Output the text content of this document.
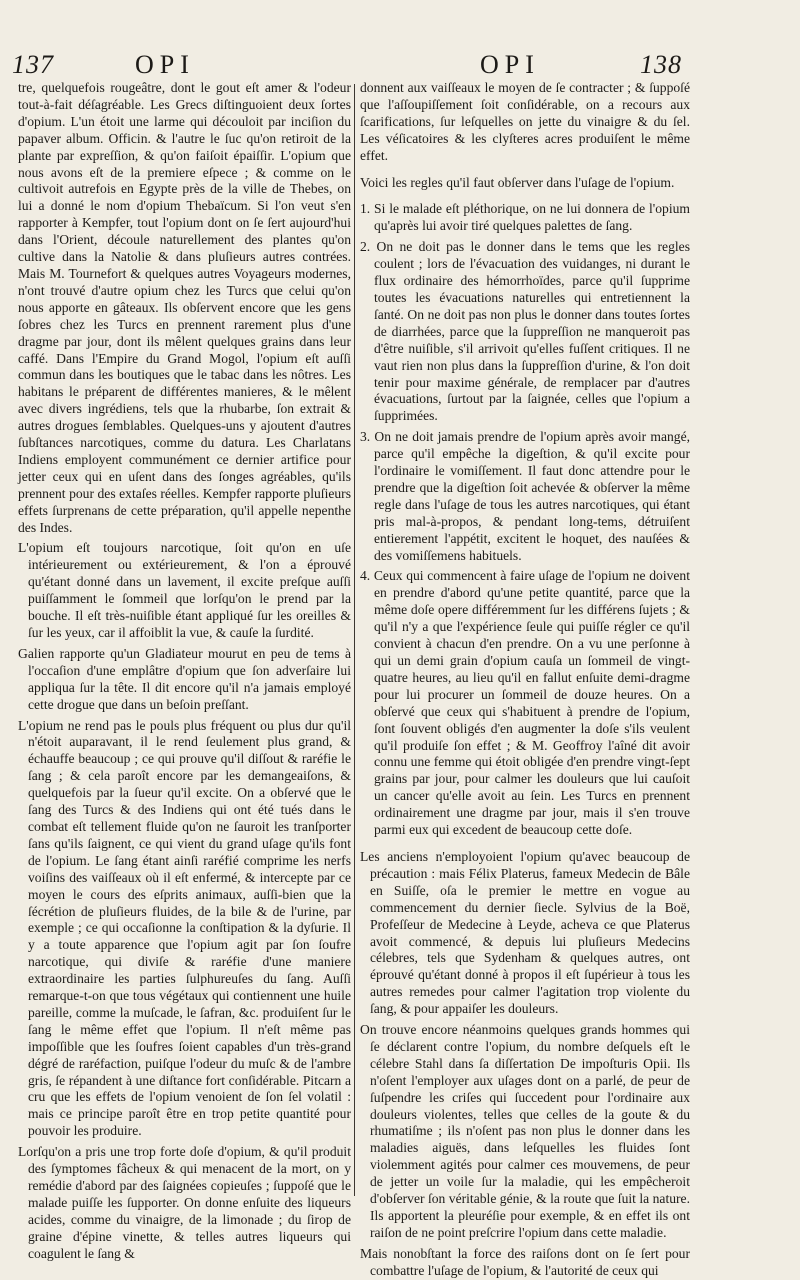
137	OPI	OPI	138

tre, quelquefois rougeâtre, dont le gout eſt amer & l'odeur tout-à-fait déſagréable. Les Grecs diſtinguoient deux ſortes d'opium. L'un étoit une larme qui découloit par inciſion du papaver album. Officin. & l'autre le ſuc qu'on retiroit de la plante par expreſſion, & qu'on faiſoit épaiſſir. L'opium que nous avons eſt de la premiere eſpece ; & comme on le cultivoit autrefois en Egypte près de la ville de Thebes, on lui a donné le nom d'opium Thebaïcum. Si l'on veut s'en rapporter à Kempfer, tout l'opium dont on ſe ſert aujourd'hui dans l'Orient, découle naturellement des plantes qu'on cultive dans la Natolie & dans pluſieurs autres contrées. Mais M. Tournefort & quelques autres Voyageurs modernes, n'ont trouvé d'autre opium chez les Turcs que celui qu'on nous apporte en gâteaux. Ils obſervent encore que les gens ſobres chez les Turcs en prennent rarement plus d'une dragme par jour, dont ils mêlent quelques grains dans leur caffé. Dans l'Empire du Grand Mogol, l'opium eſt auſſi commun dans les boutiques que le tabac dans les nôtres. Les habitans le préparent de différentes manieres, & le mêlent avec divers ingrédiens, tels que la rhubarbe, ſon extrait & autres drogues ſemblables. Quelques-uns y ajoutent d'autres ſubſtances narcotiques, comme du datura. Les Charlatans Indiens employent communément ce dernier artifice pour jetter ceux qui en uſent dans des ſonges agréables, qu'ils prennent pour des extaſes réelles. Kempfer rapporte pluſieurs effets ſurprenans de cette préparation, qu'il appelle nepenthe des Indes.

L'opium eſt toujours narcotique, ſoit qu'on en uſe intérieurement ou extérieurement, & l'on a éprouvé qu'étant donné dans un lavement, il excite preſque auſſi puiſſamment le ſommeil que lorſqu'on le prend par la bouche. Il eſt très-nuiſible étant appliqué ſur les oreilles & ſur les yeux, car il affoiblit la vue, & cauſe la ſurdité.

Galien rapporte qu'un Gladiateur mourut en peu de tems à l'occaſion d'une emplâtre d'opium que ſon adverſaire lui appliqua ſur la tête. Il dit encore qu'il n'a jamais employé cette drogue que dans un beſoin preſſant.

L'opium ne rend pas le pouls plus fréquent ou plus dur qu'il n'étoit auparavant, il le rend ſeulement plus grand, & échauffe beaucoup ; ce qui prouve qu'il diſſout & raréfie le ſang ; & cela paroît encore par les demangeaiſons, & quelquefois par la ſueur qu'il excite. On a obſervé que le ſang des Turcs & des Indiens qui ont été tués dans le combat eſt tellement fluide qu'on ne ſauroit les tranſporter ſans qu'ils ſaignent, ce qui vient du grand uſage qu'ils font de l'opium. Le ſang étant ainſi raréfié comprime les nerfs voiſins des vaiſſeaux où il eſt enfermé, & intercepte par ce moyen le cours des eſprits animaux, auſſi-bien que la ſécrétion de pluſieurs fluides, de la bile & de l'urine, par exemple ; ce qui occaſionne la conſtipation & la dyſurie. Il y a toute apparence que l'opium agit par ſon ſoufre narcotique, qui diviſe & raréfie d'une maniere extraordinaire les parties ſulphureuſes du ſang. Auſſi remarque-t-on que tous végétaux qui contiennent une huile pareille, comme la muſcade, le ſafran, &c. produiſent ſur le ſang le même effet que l'opium. Il n'eſt même pas impoſſible que les ſoufres ſoient capables d'un très-grand dégré de raréfaction, puiſque l'odeur du muſc & de l'ambre gris, ſe répandent à une diſtance fort conſidérable. Pitcarn a cru que les effets de l'opium venoient de ſon ſel volatil : mais ce principe paroît être en trop petite quantité pour pouvoir les produire.

Lorſqu'on a pris une trop forte doſe d'opium, & qu'il produit des ſymptomes fâcheux & qui menacent de la mort, on y remédie d'abord par des ſaignées copieuſes ; ſuppoſé que le malade puiſſe les ſupporter. On donne enſuite des liqueurs acides, comme du vinaigre, de la limonade ; du ſirop de graine d'épine vinette, & telles autres liqueurs qui coagulent le ſang &

donnent aux vaiſſeaux le moyen de ſe contracter ; & ſuppoſé que l'aſſoupiſſement ſoit conſidérable, on a recours aux ſcarifications, ſur leſquelles on jette du vinaigre & du ſel. Les véſicatoires & les clyſteres acres produiſent le même effet.

Voici les regles qu'il faut obſerver dans l'uſage de l'opium.

1. Si le malade eſt pléthorique, on ne lui donnera de l'opium qu'après lui avoir tiré quelques palettes de ſang.

2. On ne doit pas le donner dans le tems que les regles coulent ; lors de l'évacuation des vuidanges, ni durant le flux ordinaire des hémorrhoïdes, parce qu'il ſupprime toutes les évacuations naturelles qui entretiennent la ſanté. On ne doit pas non plus le donner dans toutes ſortes de diarrhées, parce que la ſuppreſſion ne manqueroit pas d'être nuiſible, s'il arrivoit qu'elles fuſſent critiques. Il ne vaut rien non plus dans la ſuppreſſion d'urine, & l'on doit tenir pour maxime générale, de remplacer par d'autres évacuations, ſurtout par la ſaignée, celles que l'opium a ſupprimées.

3. On ne doit jamais prendre de l'opium après avoir mangé, parce qu'il empêche la digeſtion, & qu'il excite pour l'ordinaire le vomiſſement. Il faut donc attendre pour le prendre que la digeſtion ſoit achevée & obſerver la même regle dans l'uſage de tous les autres narcotiques, qui étant pris mal-à-propos, & pendant long-tems, détruiſent entierement l'appétit, excitent le hoquet, des nauſées & des vomiſſemens habituels.

4. Ceux qui commencent à faire uſage de l'opium ne doivent en prendre d'abord qu'une petite quantité, parce que la même doſe opere différemment ſur les différens ſujets ; & qu'il n'y a que l'expérience ſeule qui puiſſe régler ce qu'il convient à chacun d'en prendre. On a vu une perſonne à qui un demi grain d'opium cauſa un ſommeil de vingt-quatre heures, au lieu qu'il en fallut enſuite demi-dragme pour lui procurer un ſommeil de douze heures. On a obſervé que ceux qui s'habituent à prendre de l'opium, ſont ſouvent obligés d'en augmenter la doſe s'ils veulent qu'il produiſe ſon effet ; & M. Geoffroy l'aîné dit avoir connu une femme qui étoit obligée d'en prendre vingt-ſept grains par jour, pour calmer les douleurs que lui cauſoit un cancer qu'elle avoit au ſein. Les Turcs en prennent ordinairement une dragme par jour, mais il s'en trouve parmi eux qui excedent de beaucoup cette doſe.

Les anciens n'employoient l'opium qu'avec beaucoup de précaution : mais Félix Platerus, fameux Medecin de Bâle en Suiſſe, oſa le premier le mettre en vogue au commencement du dernier ſiecle. Sylvius de la Boë, Profeſſeur de Medecine à Leyde, acheva ce que Platerus avoit commencé, & depuis lui pluſieurs Medecins célebres, tels que Sydenham & quelques autres, ont éprouvé qu'étant donné à propos il eſt ſupérieur à tous les autres remedes pour calmer l'agitation trop violente du ſang, & pour appaiſer les douleurs.

On trouve encore néanmoins quelques grands hommes qui ſe déclarent contre l'opium, du nombre deſquels eſt le célebre Stahl dans ſa diſſertation De impoſturis Opii. Ils n'oſent l'employer aux uſages dont on a parlé, de peur de ſuſpendre les criſes qui ſuccedent pour l'ordinaire aux douleurs violentes, telles que celles de la goute & du rhumatiſme ; ils n'oſent pas non plus le donner dans les maladies aiguës, dans leſquelles les fluides ſont violemment agités pour calmer ces mouvemens, de peur de jetter un voile ſur la maladie, qui les empêcheroit d'obſerver ſon véritable génie, & la route que ſuit la nature. Ils apportent la pleuréſie pour exemple, & en effet ils ont raiſon de ne point preſcrire l'opium dans cette maladie.

Mais nonobſtant la force des raiſons dont on ſe ſert pour combattre l'uſage de l'opium, & l'autorité de ceux qui
